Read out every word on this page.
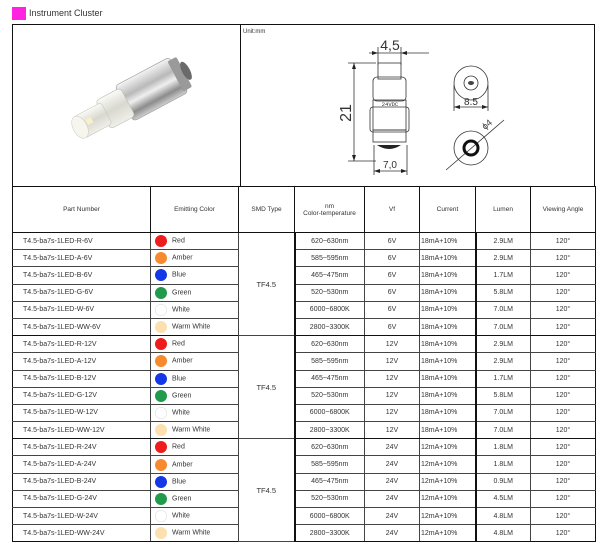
Instrument Cluster
Unit:mm
4,5
21	24VDC
7,0
8.5
ϕ4
Part Number	Emitting Color	SMD Type	nm
Color-temperature	Vf	Current	Lumen	Viewing Angle
T4.5-ba7s-1LED-R-6V	Red	TF4.5	620~630nm	6V	18mA+10%	2.9LM	120°
T4.5-ba7s-1LED-A-6V	Amber		585~595nm	6V	18mA+10%	2.9LM	120°
T4.5-ba7s-1LED-B-6V	Blue		465~475nm	6V	18mA+10%	1.7LM	120°
T4.5-ba7s-1LED-G-6V	Green		520~530nm	6V	18mA+10%	5.8LM	120°
T4.5-ba7s-1LED-W-6V	White		6000~6800K	6V	18mA+10%	7.0LM	120°
T4.5-ba7s-1LED-WW-6V	Warm White		2800~3300K	6V	18mA+10%	7.0LM	120°
T4.5-ba7s-1LED-R-12V	Red	TF4.5	620~630nm	12V	18mA+10%	2.9LM	120°
T4.5-ba7s-1LED-A-12V	Amber		585~595nm	12V	18mA+10%	2.9LM	120°
T4.5-ba7s-1LED-B-12V	Blue		465~475nm	12V	18mA+10%	1.7LM	120°
T4.5-ba7s-1LED-G-12V	Green		520~530nm	12V	18mA+10%	5.8LM	120°
T4.5-ba7s-1LED-W-12V	White		6000~6800K	12V	18mA+10%	7.0LM	120°
T4.5-ba7s-1LED-WW-12V	Warm White		2800~3300K	12V	18mA+10%	7.0LM	120°
T4.5-ba7s-1LED-R-24V	Red	TF4.5	620~630nm	24V	12mA+10%	1.8LM	120°
T4.5-ba7s-1LED-A-24V	Amber		585~595nm	24V	12mA+10%	1.8LM	120°
T4.5-ba7s-1LED-B-24V	Blue		465~475nm	24V	12mA+10%	0.9LM	120°
T4.5-ba7s-1LED-G-24V	Green		520~530nm	24V	12mA+10%	4.5LM	120°
T4.5-ba7s-1LED-W-24V	White		6000~6800K	24V	12mA+10%	4.8LM	120°
T4.5-ba7s-1LED-WW-24V	Warm White		2800~3300K	24V	12mA+10%	4.8LM	120°
